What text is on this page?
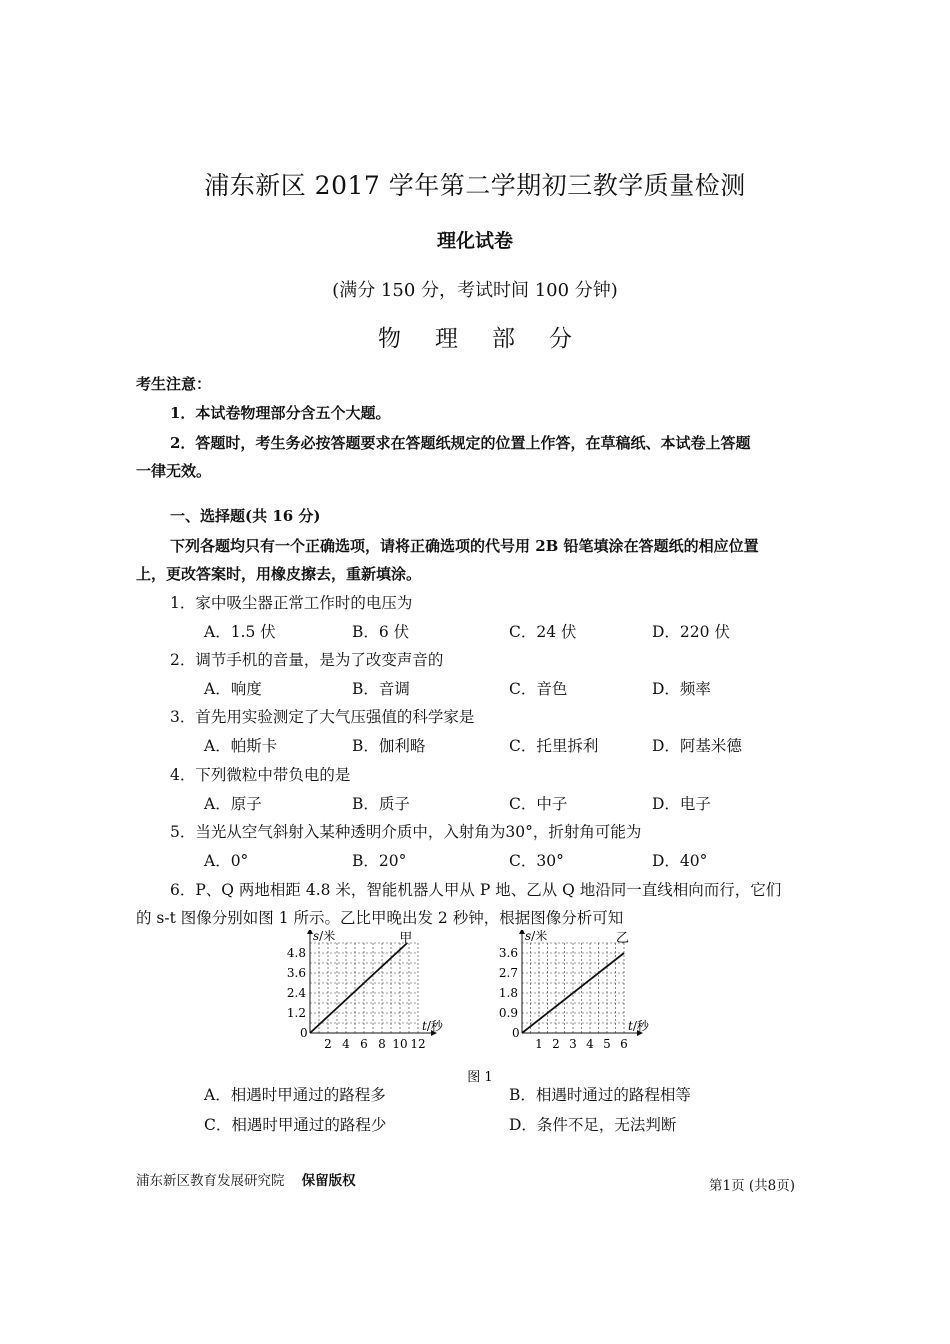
浦东新区 2017 学年第二学期初三教学质量检测
理化试卷
(满分 150 分，考试时间 100 分钟)
物 理 部 分
考生注意：
1．本试卷物理部分含五个大题。
2．答题时，考生务必按答题要求在答题纸规定的位置上作答，在草稿纸、本试卷上答题
一律无效。
一、选择题(共 16 分)
下列各题均只有一个正确选项，请将正确选项的代号用 2B 铅笔填涂在答题纸的相应位置
上，更改答案时，用橡皮擦去，重新填涂。
1．家中吸尘器正常工作时的电压为
A．1.5 伏	B．6 伏	C．24 伏	D．220 伏
2．调节手机的音量，是为了改变声音的
A．响度	B．音调	C．音色	D．频率
3．首先用实验测定了大气压强值的科学家是
A．帕斯卡	B．伽利略	C．托里拆利	D．阿基米德
4．下列微粒中带负电的是
A．原子	B．质子	C．中子	D．电子
5．当光从空气斜射入某种透明介质中，入射角为30°，折射角可能为
A．0°	B．20°	C．30°	D．40°
6．P、Q 两地相距 4.8 米，智能机器人甲从 P 地、乙从 Q 地沿同一直线相向而行，它们
的 s-t 图像分别如图 1 所示。乙比甲晚出发 2 秒钟，根据图像分析可知
0
2 4 6 8 10 12
1.2
2.4
3.6
4.8
s/米
t/秒
甲
0
1 2 3 4 5 6
0.9
1.8
2.7
3.6
s/米
t/秒
乙
图 1
A．相遇时甲通过的路程多	B．相遇时通过的路程相等
C．相遇时甲通过的路程少	D．条件不足，无法判断
浦东新区教育发展研究院 保留版权	第1页 (共8页)
